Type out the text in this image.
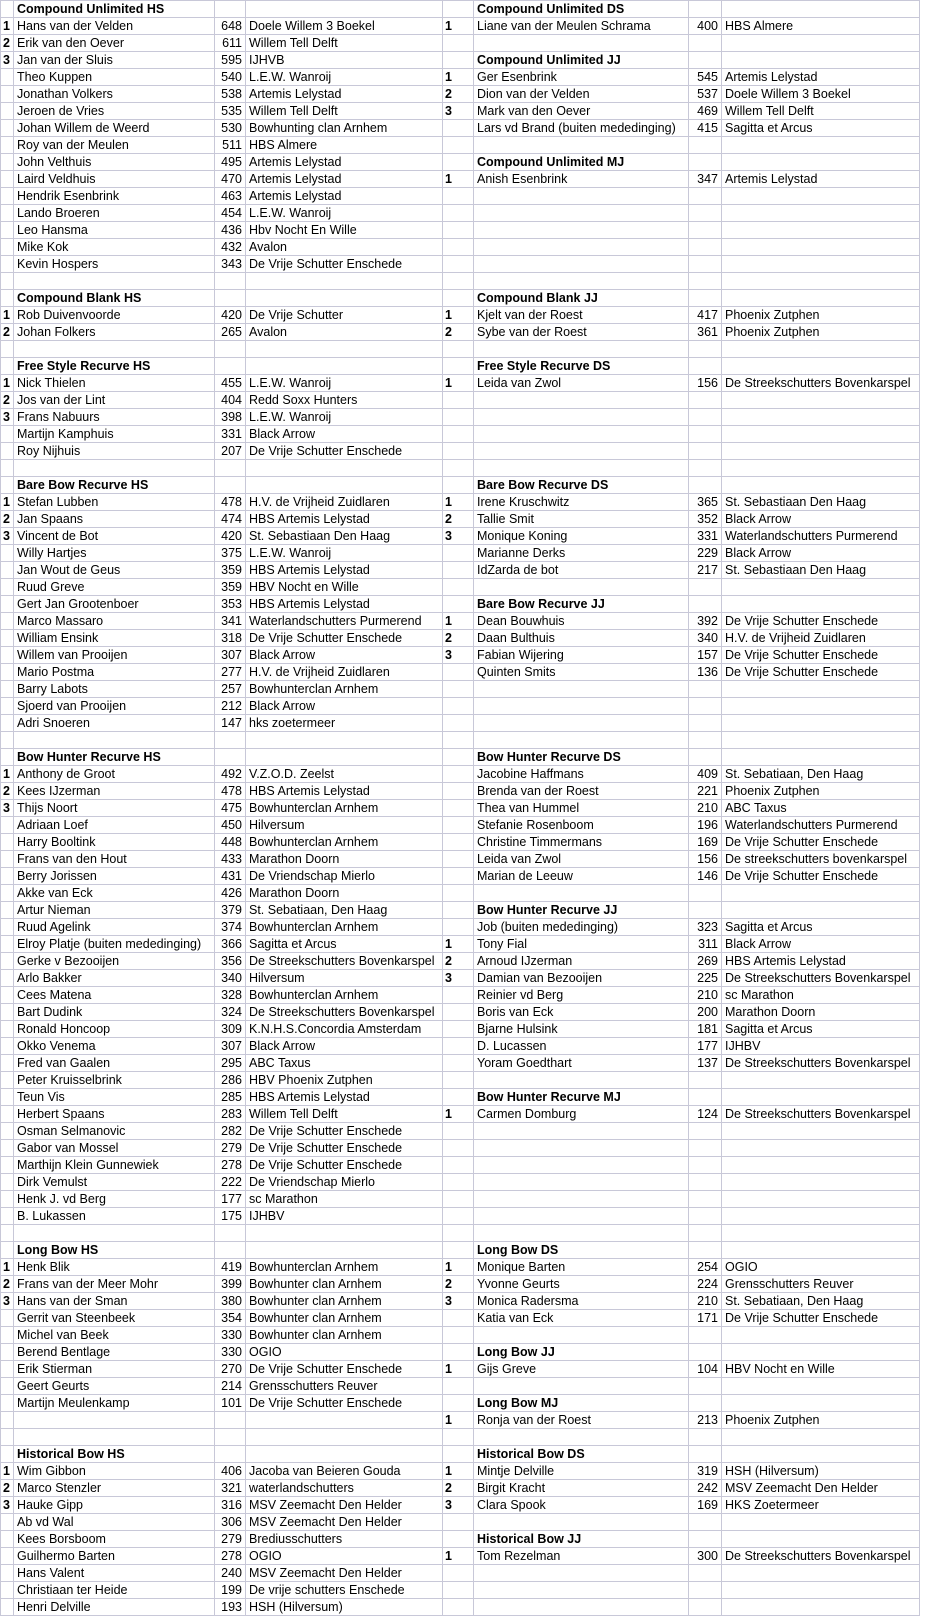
	Compound Unlimited HS				Compound Unlimited DS		
1	Hans van der Velden	648	Doele Willem 3 Boekel	1	Liane van der Meulen Schrama	400	HBS Almere
2	Erik van den Oever	611	Willem Tell Delft				
3	Jan van der Sluis	595	IJHVB		Compound Unlimited JJ		
	Theo Kuppen	540	L.E.W. Wanroij	1	Ger Esenbrink	545	Artemis Lelystad
	Jonathan Volkers	538	Artemis Lelystad	2	Dion van der Velden	537	Doele Willem 3 Boekel
	Jeroen de Vries	535	Willem Tell Delft	3	Mark van den Oever	469	Willem Tell Delft
	Johan Willem de Weerd	530	Bowhunting clan Arnhem		Lars vd Brand (buiten mededinging)	415	Sagitta et Arcus
	Roy van der Meulen	511	HBS Almere				
	John Velthuis	495	Artemis Lelystad		Compound Unlimited MJ		
	Laird Veldhuis	470	Artemis Lelystad	1	Anish Esenbrink	347	Artemis Lelystad
	Hendrik Esenbrink	463	Artemis Lelystad				
	Lando Broeren	454	L.E.W. Wanroij				
	Leo Hansma	436	Hbv Nocht En Wille				
	Mike Kok	432	Avalon				
	Kevin Hospers	343	De Vrije Schutter Enschede				

	Compound Blank HS				Compound Blank JJ		
1	Rob Duivenvoorde	420	De Vrije Schutter	1	Kjelt van der Roest	417	Phoenix Zutphen
2	Johan Folkers	265	Avalon	2	Sybe van der Roest	361	Phoenix Zutphen

	Free Style Recurve HS				Free Style Recurve DS		
1	Nick Thielen	455	L.E.W. Wanroij	1	Leida van Zwol	156	De Streekschutters Bovenkarspel
2	Jos van der Lint	404	Redd Soxx Hunters				
3	Frans Nabuurs	398	L.E.W. Wanroij				
	Martijn Kamphuis	331	Black Arrow				
	Roy Nijhuis	207	De Vrije Schutter Enschede				

	Bare Bow Recurve HS				Bare Bow Recurve DS		
1	Stefan Lubben	478	H.V. de Vrijheid Zuidlaren	1	Irene Kruschwitz	365	St. Sebastiaan Den Haag
2	Jan Spaans	474	HBS Artemis Lelystad	2	Tallie Smit	352	Black Arrow
3	Vincent de Bot	420	St. Sebastiaan Den Haag	3	Monique Koning	331	Waterlandschutters Purmerend
	Willy Hartjes	375	L.E.W. Wanroij		Marianne Derks	229	Black Arrow
	Jan Wout de Geus	359	HBS Artemis Lelystad		IdZarda de bot	217	St. Sebastiaan Den Haag
	Ruud Greve	359	HBV Nocht en Wille				
	Gert Jan Grootenboer	353	HBS Artemis Lelystad		Bare Bow Recurve JJ		
	Marco Massaro	341	Waterlandschutters Purmerend	1	Dean Bouwhuis	392	De Vrije Schutter Enschede
	William Ensink	318	De Vrije Schutter Enschede	2	Daan Bulthuis	340	H.V. de Vrijheid Zuidlaren
	Willem van Prooijen	307	Black Arrow	3	Fabian Wijering	157	De Vrije Schutter Enschede
	Mario Postma	277	H.V. de Vrijheid Zuidlaren		Quinten Smits	136	De Vrije Schutter Enschede
	Barry Labots	257	Bowhunterclan Arnhem				
	Sjoerd van Prooijen	212	Black Arrow				
	Adri Snoeren	147	hks zoetermeer				

	Bow Hunter Recurve HS				Bow Hunter Recurve DS		
1	Anthony de Groot	492	V.Z.O.D. Zeelst		Jacobine Haffmans	409	St. Sebatiaan, Den Haag
2	Kees IJzerman	478	HBS Artemis Lelystad		Brenda van der Roest	221	Phoenix Zutphen
3	Thijs Noort	475	Bowhunterclan Arnhem		Thea van Hummel	210	ABC Taxus
	Adriaan Loef	450	Hilversum		Stefanie Rosenboom	196	Waterlandschutters Purmerend
	Harry Booltink	448	Bowhunterclan Arnhem		Christine Timmermans	169	De Vrije Schutter Enschede
	Frans van den Hout	433	Marathon Doorn		Leida van Zwol	156	De streekschutters bovenkarspel
	Berry Jorissen	431	De Vriendschap Mierlo		Marian de Leeuw	146	De Vrije Schutter Enschede
	Akke van Eck	426	Marathon Doorn				
	Artur Nieman	379	St. Sebatiaan, Den Haag		Bow Hunter Recurve JJ		
	Ruud Agelink	374	Bowhunterclan Arnhem		Job (buiten mededinging)	323	Sagitta et Arcus
	Elroy Platje (buiten mededinging)	366	Sagitta et Arcus	1	Tony Fial	311	Black Arrow
	Gerke v Bezooijen	356	De Streekschutters Bovenkarspel	2	Arnoud IJzerman	269	HBS Artemis Lelystad
	Arlo Bakker	340	Hilversum	3	Damian van Bezooijen	225	De Streekschutters Bovenkarspel
	Cees Matena	328	Bowhunterclan Arnhem		Reinier vd Berg	210	sc Marathon
	Bart Dudink	324	De Streekschutters Bovenkarspel		Boris van Eck	200	Marathon Doorn
	Ronald Honcoop	309	K.N.H.S.Concordia Amsterdam		Bjarne Hulsink	181	Sagitta et Arcus
	Okko Venema	307	Black Arrow		D. Lucassen	177	IJHBV
	Fred van Gaalen	295	ABC Taxus		Yoram Goedthart	137	De Streekschutters Bovenkarspel
	Peter Kruisselbrink	286	HBV Phoenix Zutphen				
	Teun Vis	285	HBS Artemis Lelystad		Bow Hunter Recurve MJ		
	Herbert Spaans	283	Willem Tell Delft	1	Carmen Domburg	124	De Streekschutters Bovenkarspel
	Osman Selmanovic	282	De Vrije Schutter Enschede				
	Gabor van Mossel	279	De Vrije Schutter Enschede				
	Marthijn Klein Gunnewiek	278	De Vrije Schutter Enschede				
	Dirk Vemulst	222	De Vriendschap Mierlo				
	Henk J. vd Berg	177	sc Marathon				
	B. Lukassen	175	IJHBV				

	Long Bow HS				Long Bow DS		
1	Henk Blik	419	Bowhunterclan Arnhem	1	Monique Barten	254	OGIO
2	Frans van der Meer Mohr	399	Bowhunter clan Arnhem	2	Yvonne Geurts	224	Grensschutters Reuver
3	Hans van der Sman	380	Bowhunter clan Arnhem	3	Monica Radersma	210	St. Sebatiaan, Den Haag
	Gerrit van Steenbeek	354	Bowhunter clan Arnhem		Katia van Eck	171	De Vrije Schutter Enschede
	Michel van Beek	330	Bowhunter clan Arnhem				
	Berend Bentlage	330	OGIO		Long Bow JJ		
	Erik Stierman	270	De Vrije Schutter Enschede	1	Gijs Greve	104	HBV Nocht en Wille
	Geert Geurts	214	Grensschutters Reuver				
	Martijn Meulenkamp	101	De Vrije Schutter Enschede		Long Bow MJ		
				1	Ronja van der Roest	213	Phoenix Zutphen

	Historical Bow HS				Historical Bow DS		
1	Wim Gibbon	406	Jacoba van Beieren Gouda	1	Mintje Delville	319	HSH (Hilversum)
2	Marco Stenzler	321	waterlandschutters	2	Birgit Kracht	242	MSV Zeemacht Den Helder
3	Hauke Gipp	316	MSV Zeemacht Den Helder	3	Clara Spook	169	HKS Zoetermeer
	Ab vd Wal	306	MSV Zeemacht Den Helder				
	Kees Borsboom	279	Brediusschutters		Historical Bow JJ		
	Guilhermo Barten	278	OGIO	1	Tom Rezelman	300	De Streekschutters Bovenkarspel
	Hans Valent	240	MSV Zeemacht Den Helder				
	Christiaan ter Heide	199	De vrije schutters Enschede				
	Henri Delville	193	HSH (Hilversum)				
